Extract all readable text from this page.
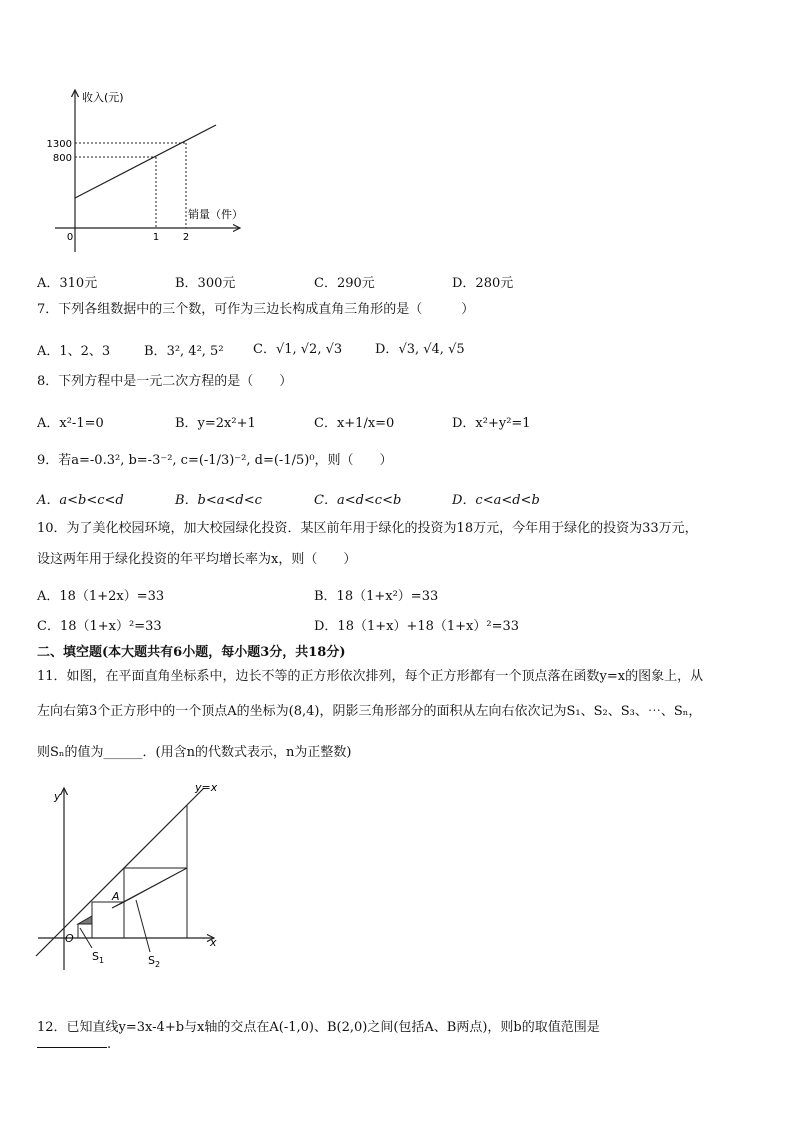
收入(元)
销量（件）
1300
800
0	1 2
A．310元	B．300元	C．290元	D．280元
7．下列各组数据中的三个数，可作为三边长构成直角三角形的是（　　　）
A．1、2、3	B．3², 4², 5² C．√1, √2, √3	D．√3, √4, √5
8．下列方程中是一元二次方程的是（　　）
A．x²-1=0	B．y=2x²+1	C．x+1/x=0	D．x²+y²=1
9．若a=-0.3², b=-3⁻², c=(-1/3)⁻², d=(-1/5)⁰，则（　　）
A．a<b<c<d	B．b<a<d<c	C．a<d<c<b	D．c<a<d<b
10．为了美化校园环境，加大校园绿化投资．某区前年用于绿化的投资为18万元，今年用于绿化的投资为33万元，
设这两年用于绿化投资的年平均增长率为x，则（　　）
A．18（1+2x）=33	B．18（1+x²）=33
C．18（1+x）²=33	D．18（1+x）+18（1+x）²=33
二、填空题(本大题共有6小题，每小题3分，共18分)
11．如图，在平面直角坐标系中，边长不等的正方形依次排列，每个正方形都有一个顶点落在函数y=x的图象上，从
左向右第3个正方形中的一个顶点A的坐标为(8,4)，阴影三角形部分的面积从左向右依次记为S₁、S₂、S₃、⋯、Sₙ，
则Sₙ的值为______．(用含n的代数式表示，n为正整数)
y=x
y
x
O
A
$S_1$	$S_2$
12．已知直线y=3x-4+b与x轴的交点在A(-1,0)、B(2,0)之间(包括A、B两点)，则b的取值范围是
.
